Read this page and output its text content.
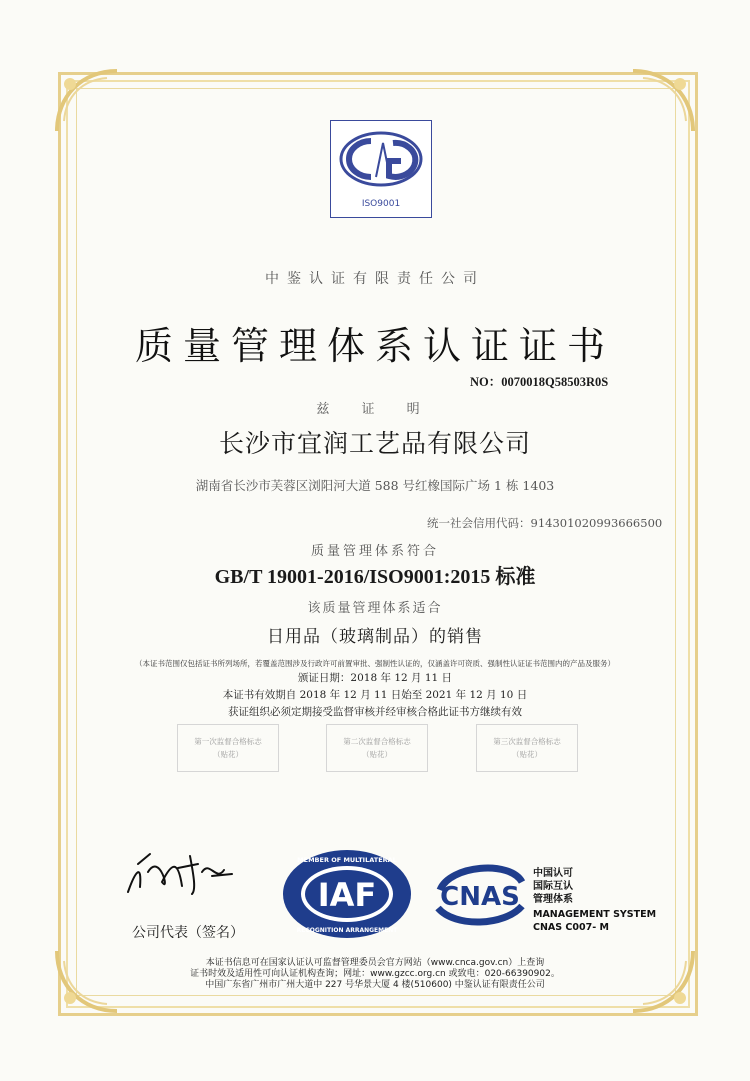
ISO9001
中鉴认证有限责任公司
质量管理体系认证证书
NO：0070018Q58503R0S
兹 证 明
长沙市宜润工艺品有限公司
湖南省长沙市芙蓉区浏阳河大道 588 号红橡国际广场 1 栋 1403
统一社会信用代码：91430102099366650​0
质量管理体系符合
GB/T 19001-2016/ISO9001:2015 标准
该质量管理体系适合
日用品（玻璃制品）的销售
（本证书范围仅包括证书所列场所，若覆盖范围涉及行政许可前置审批、强制性认证的，仅涵盖许可资质、强制性认证证书范围内的产品及服务）
颁证日期：2018 年 12 月 11 日
本证书有效期自 2018 年 12 月 11 日始至 2021 年 12 月 10 日
获证组织必须定期接受监督审核并经审核合格此证书方继续有效
第一次监督合格标志
（贴花）
第二次监督合格标志
（贴花）
第三次监督合格标志
（贴花）
公司代表（签名）
IAF
MEMBER OF MULTILATERAL
RECOGNITION ARRANGEMENT
CNAS
中国认可
国际互认
管理体系
MANAGEMENT SYSTEM
CNAS C007- M
本证书信息可在国家认证认可监督管理委员会官方网站（www.cnca.gov.cn）上查询
证书时效及适用性可向认证机构查询；网址：www.gzcc.org.cn 或致电：020-66390902。
中国广东省广州市广州大道中 227 号华景大厦 4 楼(510600) 中鉴认证有限责任公司
